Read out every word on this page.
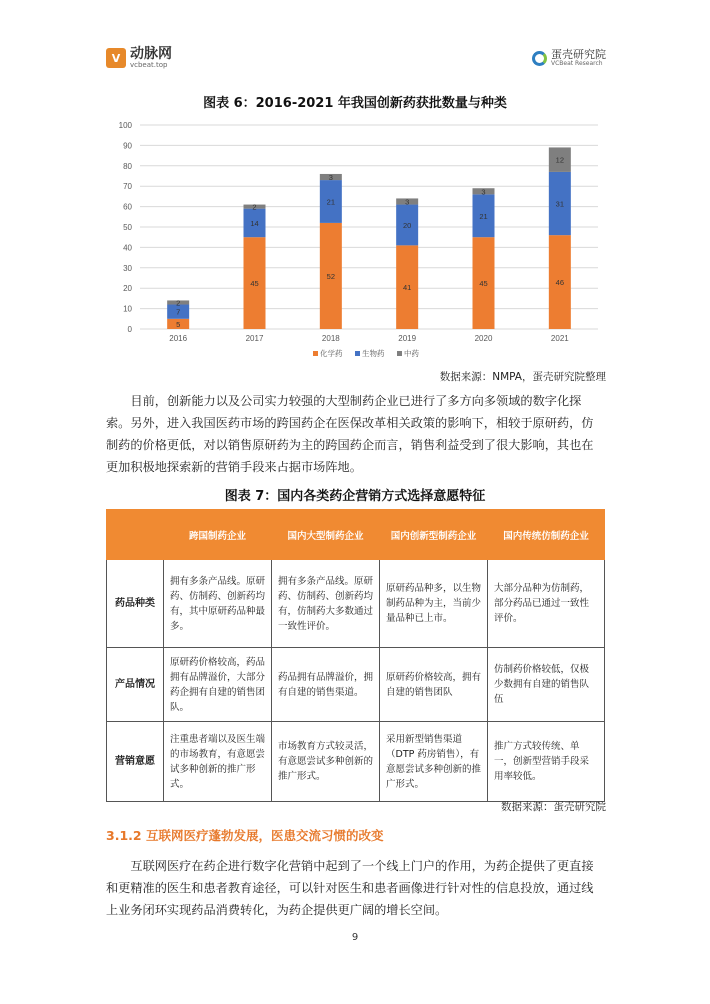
V 动脉网
vcbeat.top
蛋壳研究院
VCBeat Research
图表 6：2016-2021 年我国创新药获批数量与种类
0
10
20
30
40
50
60
70
80
90
100
5
7
2
2016
45
14
2
2017
52
21
3
2018
41
20
3
2019
45
21
3
2020
46
31
12
2021
化学药	生物药	中药
数据来源：NMPA，蛋壳研究院整理

目前，创新能力以及公司实力较强的大型制药企业已进行了多方向多领域的数字化探索。另外，进入我国医药市场的跨国药企在医保改革相关政策的影响下，相较于原研药，仿制药的价格更低，对以销售原研药为主的跨国药企而言，销售利益受到了很大影响，其也在更加积极地探索新的营销手段来占据市场阵地。

图表 7：国内各类药企营销方式选择意愿特征
	跨国制药企业	国内大型制药企业	国内创新型制药企业	国内传统仿制药企业
药品种类	拥有多条产品线。原研药、仿制药、创新药均有，其中原研药品种最多。	拥有多条产品线。原研药、仿制药、创新药均有，仿制药大多数通过一致性评价。	原研药品种多，以生物制药品种为主，当前少量品种已上市。	大部分品种为仿制药，部分药品已通过一致性评价。
产品情况	原研药价格较高，药品拥有品牌溢价，大部分药企拥有自建的销售团队。	药品拥有品牌溢价，拥有自建的销售渠道。	原研药价格较高，拥有自建的销售团队	仿制药价格较低，仅极少数拥有自建的销售队伍
营销意愿	注重患者端以及医生端的市场教育，有意愿尝试多种创新的推广形式。	市场教育方式较灵活，有意愿尝试多种创新的推广形式。	采用新型销售渠道（DTP 药房销售），有意愿尝试多种创新的推广形式。	推广方式较传统、单一，创新型营销手段采用率较低。
数据来源：蛋壳研究院
3.1.2 互联网医疗蓬勃发展，医患交流习惯的改变

互联网医疗在药企进行数字化营销中起到了一个线上门户的作用，为药企提供了更直接和更精准的医生和患者教育途径，可以针对医生和患者画像进行针对性的信息投放，通过线上业务闭环实现药品消费转化，为药企提供更广阔的增长空间。

9
